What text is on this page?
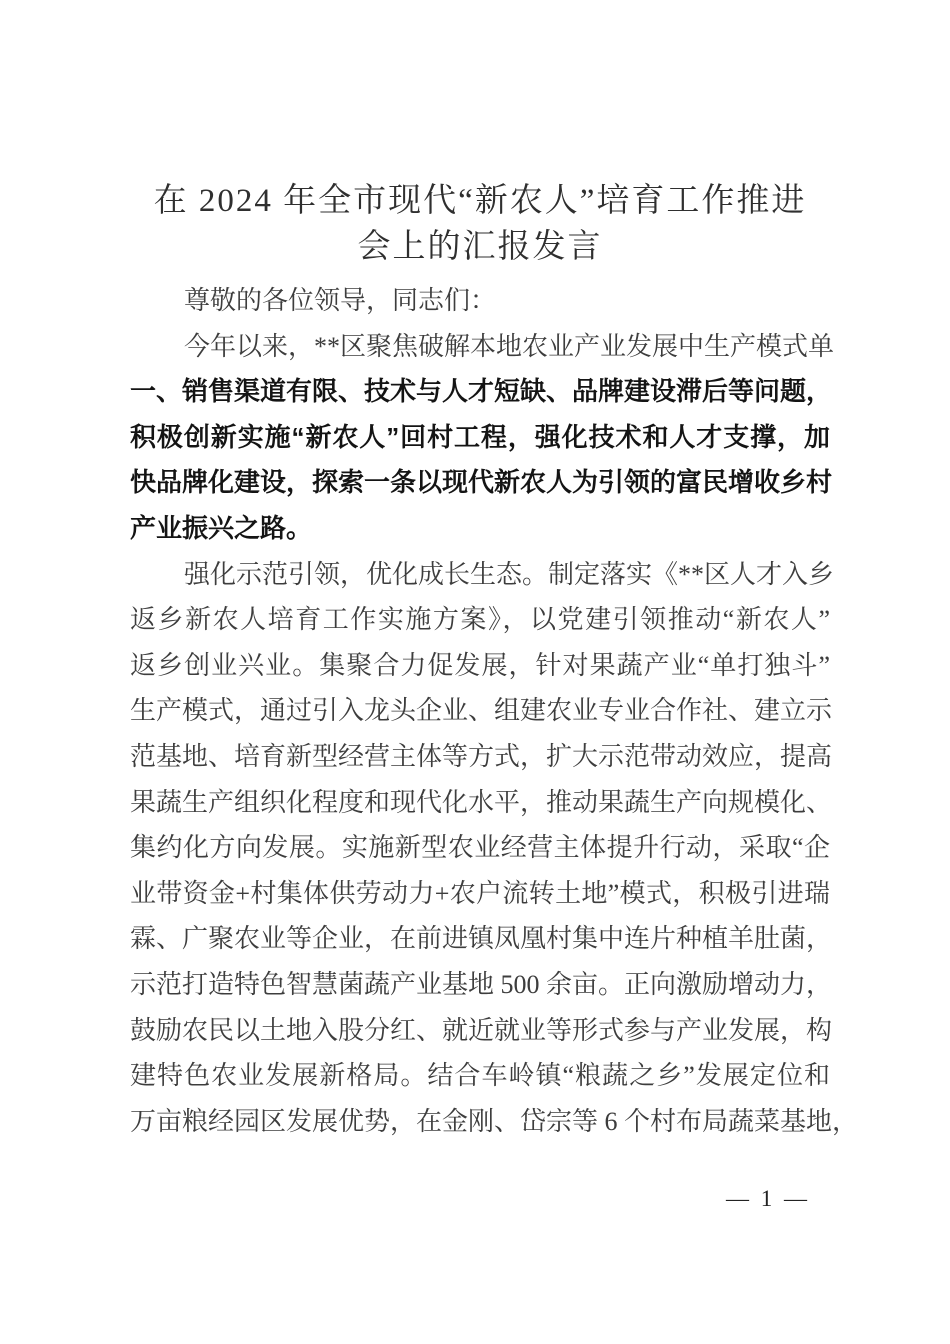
在 2024 年全市现代“新农人”培育工作推进
会上的汇报发言
尊敬的各位领导，同志们：
今年以来，**区聚焦破解本地农业产业发展中生产模式单
一、销售渠道有限、技术与人才短缺、品牌建设滞后等问题，
积极创新实施“新农人”回村工程，强化技术和人才支撑，加
快品牌化建设，探索一条以现代新农人为引领的富民增收乡村
产业振兴之路。
强化示范引领，优化成长生态。制定落实《**区人才入乡
返乡新农人培育工作实施方案》，以党建引领推动“新农人”
返乡创业兴业。集聚合力促发展，针对果蔬产业“单打独斗”
生产模式，通过引入龙头企业、组建农业专业合作社、建立示
范基地、培育新型经营主体等方式，扩大示范带动效应，提高
果蔬生产组织化程度和现代化水平，推动果蔬生产向规模化、
集约化方向发展。实施新型农业经营主体提升行动，采取“企
业带资金+村集体供劳动力+农户流转土地”模式，积极引进瑞
霖、广聚农业等企业，在前进镇凤凰村集中连片种植羊肚菌，
示范打造特色智慧菌蔬产业基地 500 余亩。正向激励增动力，
鼓励农民以土地入股分红、就近就业等形式参与产业发展，构
建特色农业发展新格局。结合车岭镇“粮蔬之乡”发展定位和
万亩粮经园区发展优势，在金刚、岱宗等 6 个村布局蔬菜基地，
— 1 —
